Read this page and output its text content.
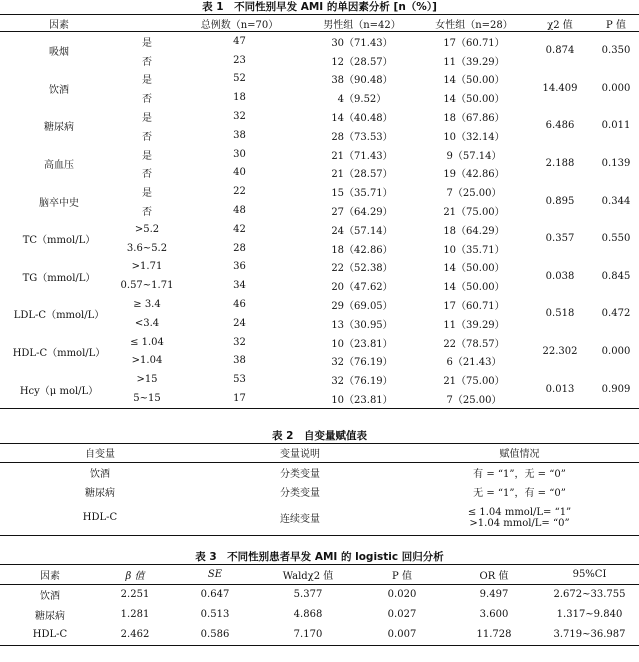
表 1　不同性别早发 AMI 的单因素分析 [n（%）]
因素		总例数（n=70）	男性组（n=42）	女性组（n=28）	χ2 值	P 值
吸烟	是	47	30（71.43）	17（60.71）	0.874	0.350
	否	23	12（28.57）	11（39.29）		
饮酒	是	52	38（90.48）	14（50.00）	14.409	0.000
	否	18	4（9.52）	14（50.00）		
糖尿病	是	32	14（40.48）	18（67.86）	6.486	0.011
	否	38	28（73.53）	10（32.14）		
高血压	是	30	21（71.43）	9（57.14）	2.188	0.139
	否	40	21（28.57）	19（42.86）		
脑卒中史	是	22	15（35.71）	7（25.00）	0.895	0.344
	否	48	27（64.29）	21（75.00）		
TC（mmol/L）	>5.2	42	24（57.14）	18（64.29）	0.357	0.550
	3.6~5.2	28	18（42.86）	10（35.71）		
TG（mmol/L）	>1.71	36	22（52.38）	14（50.00）	0.038	0.845
	0.57~1.71	34	20（47.62）	14（50.00）		
LDL-C（mmol/L）	≥ 3.4	46	29（69.05）	17（60.71）	0.518	0.472
	<3.4	24	13（30.95）	11（39.29）		
HDL-C（mmol/L）	≤ 1.04	32	10（23.81）	22（78.57）	22.302	0.000
	>1.04	38	32（76.19）	6（21.43）		
Hcy（μ mol/L）	>15	53	32（76.19）	21（75.00）	0.013	0.909
	5~15	17	10（23.81）	7（25.00）		
表 2　自变量赋值表
自变量	变量说明	赋值情况
饮酒	分类变量	有 = “1”，无 = “0”
糖尿病	分类变量	无 = “1”，有 = “0”
HDL-C	连续变量	≤ 1.04 mmol/L= “1”
>1.04 mmol/L= “0”
表 3　不同性别患者早发 AMI 的 logistic 回归分析
因素	β 值	SE	Waldχ2 值	P 值	OR 值	95%CI
饮酒	2.251	0.647	5.377	0.020	9.497	2.672~33.755
糖尿病	1.281	0.513	4.868	0.027	3.600	1.317~9.840
HDL-C	2.462	0.586	7.170	0.007	11.728	3.719~36.987
